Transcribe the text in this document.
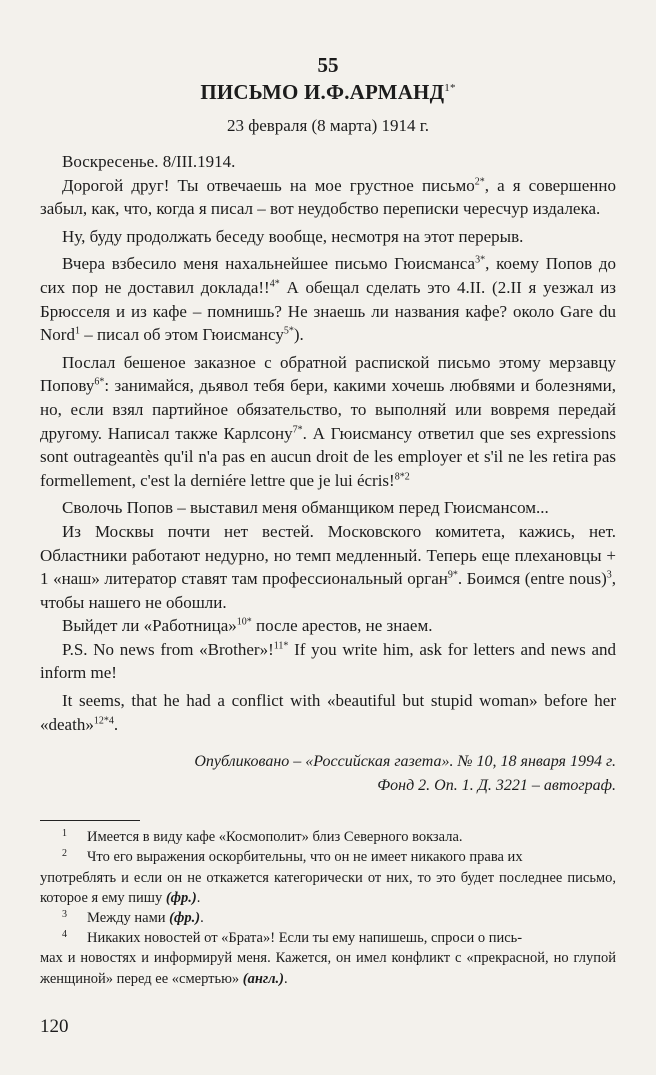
55

ПИСЬМО $И.Ф.АРМАНД^{1*}$

23 февраля (8 марта) 1914 г.

Воскресенье. 8/III.1914.

Дорогой друг! Ты отвечаешь на мое грустное письмо$^{2*}$, а я совершенно забыл, как, что, когда я писал – вот неудобство переписки чересчур издалека.

Ну, буду продолжать беседу вообще, несмотря на этот перерыв.

Вчера взбесило меня нахальнейшее письмо Гюисманса$^{3*}$, коему Попов до сих пор не доставил доклада!!$^{4*}$ А обещал сделать это 4.II. (2.II я уезжал из Брюсселя и из кафе – помнишь? Не знаешь ли названия кафе? около Gare du Nord$^1$ – писал об этом Гюисмансу$^{5*}$).

Послал бешеное заказное с обратной распиской письмо этому мерзавцу Попову$^{6*}$: занимайся, дьявол тебя бери, какими хочешь любвями и болезнями, но, если взял партийное обязательство, то выполняй или вовремя передай другому. Написал также Карлсону$^{7*}$. А Гюисмансу ответил que ses expressions sont outrageantès qu'il n'a pas en aucun droit de les employer et s'il ne les retira pas formellement, c'est la derniére lettre que je lui écris!$^{8*2}$

Сволочь Попов – выставил меня обманщиком перед Гюисмансом...

Из Москвы почти нет вестей. Московского комитета, кажись, нет. Областники работают недурно, но темп медленный. Теперь еще плехановцы + 1 «наш» литератор ставят там профессиональный орган$^{9*}$. Боимся (entre nous)$^3$, чтобы нашего не обошли.

Выйдет ли «Работница»$^{10*}$ после арестов, не знаем.

P.S. No news from «Brother»!$^{11*}$ If you write him, ask for letters and news and inform me!

It seems, that he had a conflict with «beautiful but stupid woman» before her «death»$^{12*4}$.

Опубликовано – «Российская газета». № 10, 18 января 1994 г.
Фонд 2. Оп. 1. Д. 3221 – автограф.

1 Имеется в виду кафе «Космополит» близ Северного вокзала.

2 Что его выражения оскорбительны, что он не имеет никакого права их

употреблять и если он не откажется категорически от них, то это будет последнее письмо, которое я ему пишу (фр.).

3 Между нами (фр.).

4 Никаких новостей от «Брата»! Если ты ему напишешь, спроси о пись-

мах и новостях и информируй меня. Кажется, он имел конфликт с «прекрасной, но глупой женщиной» перед ее «смертью» (англ.).

120
